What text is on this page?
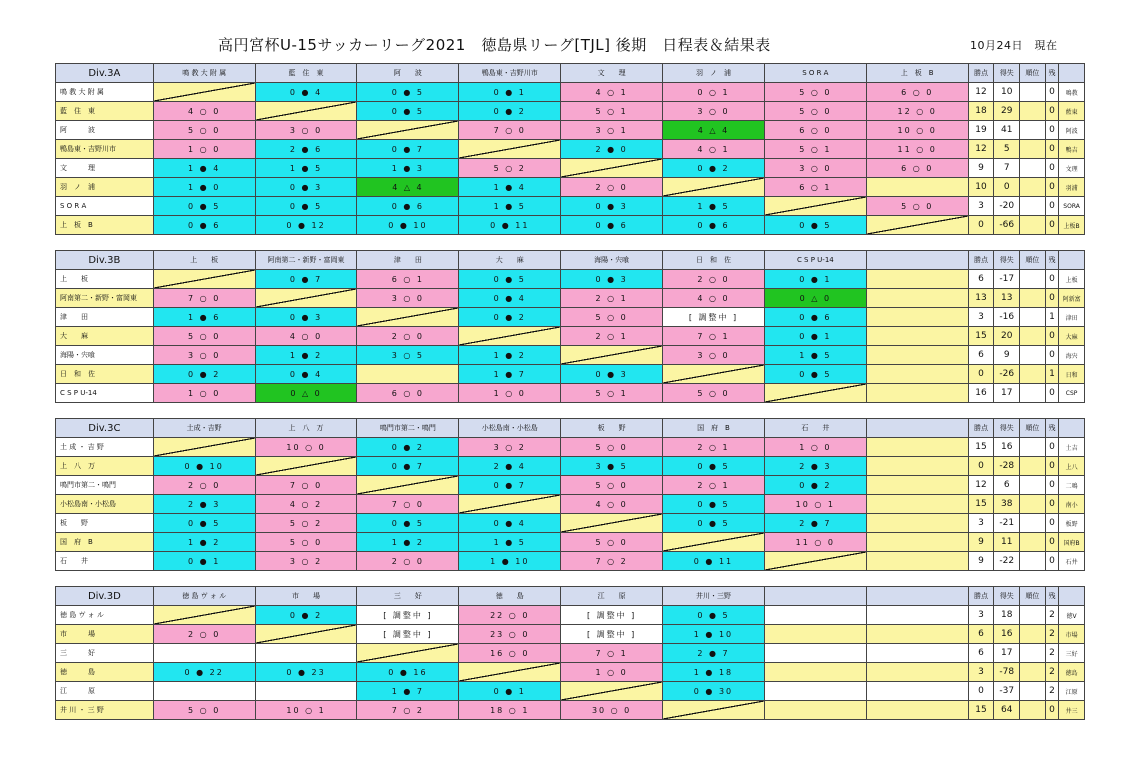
高円宮杯U-15サッカーリーグ2021　徳島県リーグ[TJL] 後期　日程表＆結果表	10月24日　現在
Div.3A	鳴 教 大 附 属	藍　住　東	阿　　波	鴨島東・吉野川市	文　　理	羽　ノ　浦	S O R A	上　板　B	勝点	得失	順位	残	
鳴 教 大 附 属		0 ● 4	0 ● 5	0 ● 1	4 ○ 1	0 ○ 1	5 ○ 0	6 ○ 0	12	10		0	鳴教
藍　住　東	4 ○ 0		0 ● 5	0 ● 2	5 ○ 1	3 ○ 0	5 ○ 0	12 ○ 0	18	29		0	藍東
阿　　　波	5 ○ 0	3 ○ 0		7 ○ 0	3 ○ 1	4 △ 4	6 ○ 0	10 ○ 0	19	41		0	阿波
鴨島東・吉野川市	1 ○ 0	2 ● 6	0 ● 7		2 ● 0	4 ○ 1	5 ○ 1	11 ○ 0	12	5		0	鴨吉
文　　　理	1 ● 4	1 ● 5	1 ● 3	5 ○ 2		0 ● 2	3 ○ 0	6 ○ 0	9	7		0	文理
羽　ノ　浦	1 ● 0	0 ● 3	4 △ 4	1 ● 4	2 ○ 0		6 ○ 1		10	0		0	羽浦
S O R A	0 ● 5	0 ● 5	0 ● 6	1 ● 5	0 ● 3	1 ● 5		5 ○ 0	3	-20		0	SORA
上　板　B	0 ● 6	0 ● 12	0 ● 10	0 ● 11	0 ● 6	0 ● 6	0 ● 5		0	-66		0	上板B
Div.3B	上　　板	阿南第二・新野・富岡東	津　　田	大　　麻	海陽・宍喰	日　和　佐	C S P U-14		勝点	得失	順位	残	
上　　板		0 ● 7	6 ○ 1	0 ● 5	0 ● 3	2 ○ 0	0 ● 1		6	-17		0	上板
阿南第二・新野・富岡東	7 ○ 0		3 ○ 0	0 ● 4	2 ○ 1	4 ○ 0	0 △ 0		13	13		0	阿新富
津　　田	1 ● 6	0 ● 3		0 ● 2	5 ○ 0	[ 調整中 ]	0 ● 6		3	-16		1	津田
大　　麻	5 ○ 0	4 ○ 0	2 ○ 0		2 ○ 1	7 ○ 1	0 ● 1		15	20		0	大麻
海陽・宍喰	3 ○ 0	1 ● 2	3 ○ 5	1 ● 2		3 ○ 0	1 ● 5		6	9		0	海宍
日　和　佐	0 ● 2	0 ● 4		1 ● 7	0 ● 3		0 ● 5		0	-26		1	日和
C S P U-14	1 ○ 0	0 △ 0	6 ○ 0	1 ○ 0	5 ○ 1	5 ○ 0			16	17		0	CSP
Div.3C	土成・吉野	上　八　万	鳴門市第二・鳴門	小松島南・小松島	板　　野	国　府　B	石　　井		勝点	得失	順位	残	
土 成 ・ 吉 野		10 ○ 0	0 ● 2	3 ○ 2	5 ○ 0	2 ○ 1	1 ○ 0		15	16		0	土吉
上　八　万	0 ● 10		0 ● 7	2 ● 4	3 ● 5	0 ● 5	2 ● 3		0	-28		0	上八
鳴門市第二・鳴門	2 ○ 0	7 ○ 0		0 ● 7	5 ○ 0	2 ○ 1	0 ● 2		12	6		0	二鳴
小松島南・小松島	2 ● 3	4 ○ 2	7 ○ 0		4 ○ 0	0 ● 5	10 ○ 1		15	38		0	南小
板　　野	0 ● 5	5 ○ 2	0 ● 5	0 ● 4		0 ● 5	2 ● 7		3	-21		0	板野
国　府　B	1 ● 2	5 ○ 0	1 ● 2	1 ● 5	5 ○ 0		11 ○ 0		9	11		0	国府B
石　　井	0 ● 1	3 ○ 2	2 ○ 0	1 ● 10	7 ○ 2	0 ● 11			9	-22		0	石井
Div.3D	徳 島 ヴ ォ ル	市　　場	三　　好	徳　　島	江　　原	井川・三野			勝点	得失	順位	残	
徳 島 ヴ ォ ル		0 ● 2	[ 調整中 ]	22 ○ 0	[ 調整中 ]	0 ● 5			3	18		2	徳V
市　　　場	2 ○ 0		[ 調整中 ]	23 ○ 0	[ 調整中 ]	1 ● 10			6	16		2	市場
三　　　好				16 ○ 0	7 ○ 1	2 ● 7			6	17		2	三好
徳　　　島	0 ● 22	0 ● 23	0 ● 16		1 ○ 0	1 ● 18			3	-78		2	徳島
江　　　原			1 ● 7	0 ● 1		0 ● 30			0	-37		2	江原
井 川 ・ 三 野	5 ○ 0	10 ○ 1	7 ○ 2	18 ○ 1	30 ○ 0				15	64		0	井三
